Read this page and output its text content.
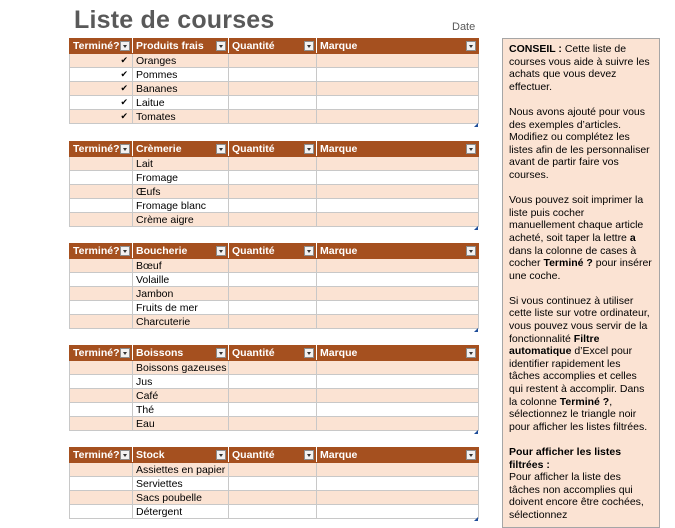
Liste de courses	Date
Terminé?	Produits frais	Quantité	Marque

✔	Oranges		
✔	Pommes		
✔	Bananes		
✔	Laitue		
✔	Tomates		
Terminé?	Crèmerie	Quantité	Marque

	Lait		
	Fromage		
	Œufs		
	Fromage blanc		
	Crème aigre		
Terminé?	Boucherie	Quantité	Marque

	Bœuf		
	Volaille		
	Jambon		
	Fruits de mer		
	Charcuterie		
Terminé?	Boissons	Quantité	Marque

	Boissons gazeuses		
	Jus		
	Café		
	Thé		
	Eau		
Terminé?	Stock	Quantité	Marque

	Assiettes en papier		
	Serviettes		
	Sacs poubelle		
	Détergent		

CONSEIL : Cette liste de courses vous aide à suivre les achats que vous devez effectuer.

Nous avons ajouté pour vous des exemples d’articles. Modifiez ou complétez les listes afin de les personnaliser avant de partir faire vos courses.

Vous pouvez soit imprimer la liste puis cocher manuellement chaque article acheté, soit taper la lettre a dans la colonne de cases à cocher Terminé ? pour insérer une coche.

Si vous continuez à utiliser cette liste sur votre ordinateur, vous pouvez vous servir de la fonctionnalité Filtre automatique d’Excel pour identifier rapidement les tâches accomplies et celles qui restent à accomplir. Dans la colonne Terminé ?, sélectionnez le triangle noir pour afficher les listes filtrées.

Pour afficher les listes filtrées :

Pour afficher la liste des tâches non accomplies qui doivent encore être cochées, sélectionnez
